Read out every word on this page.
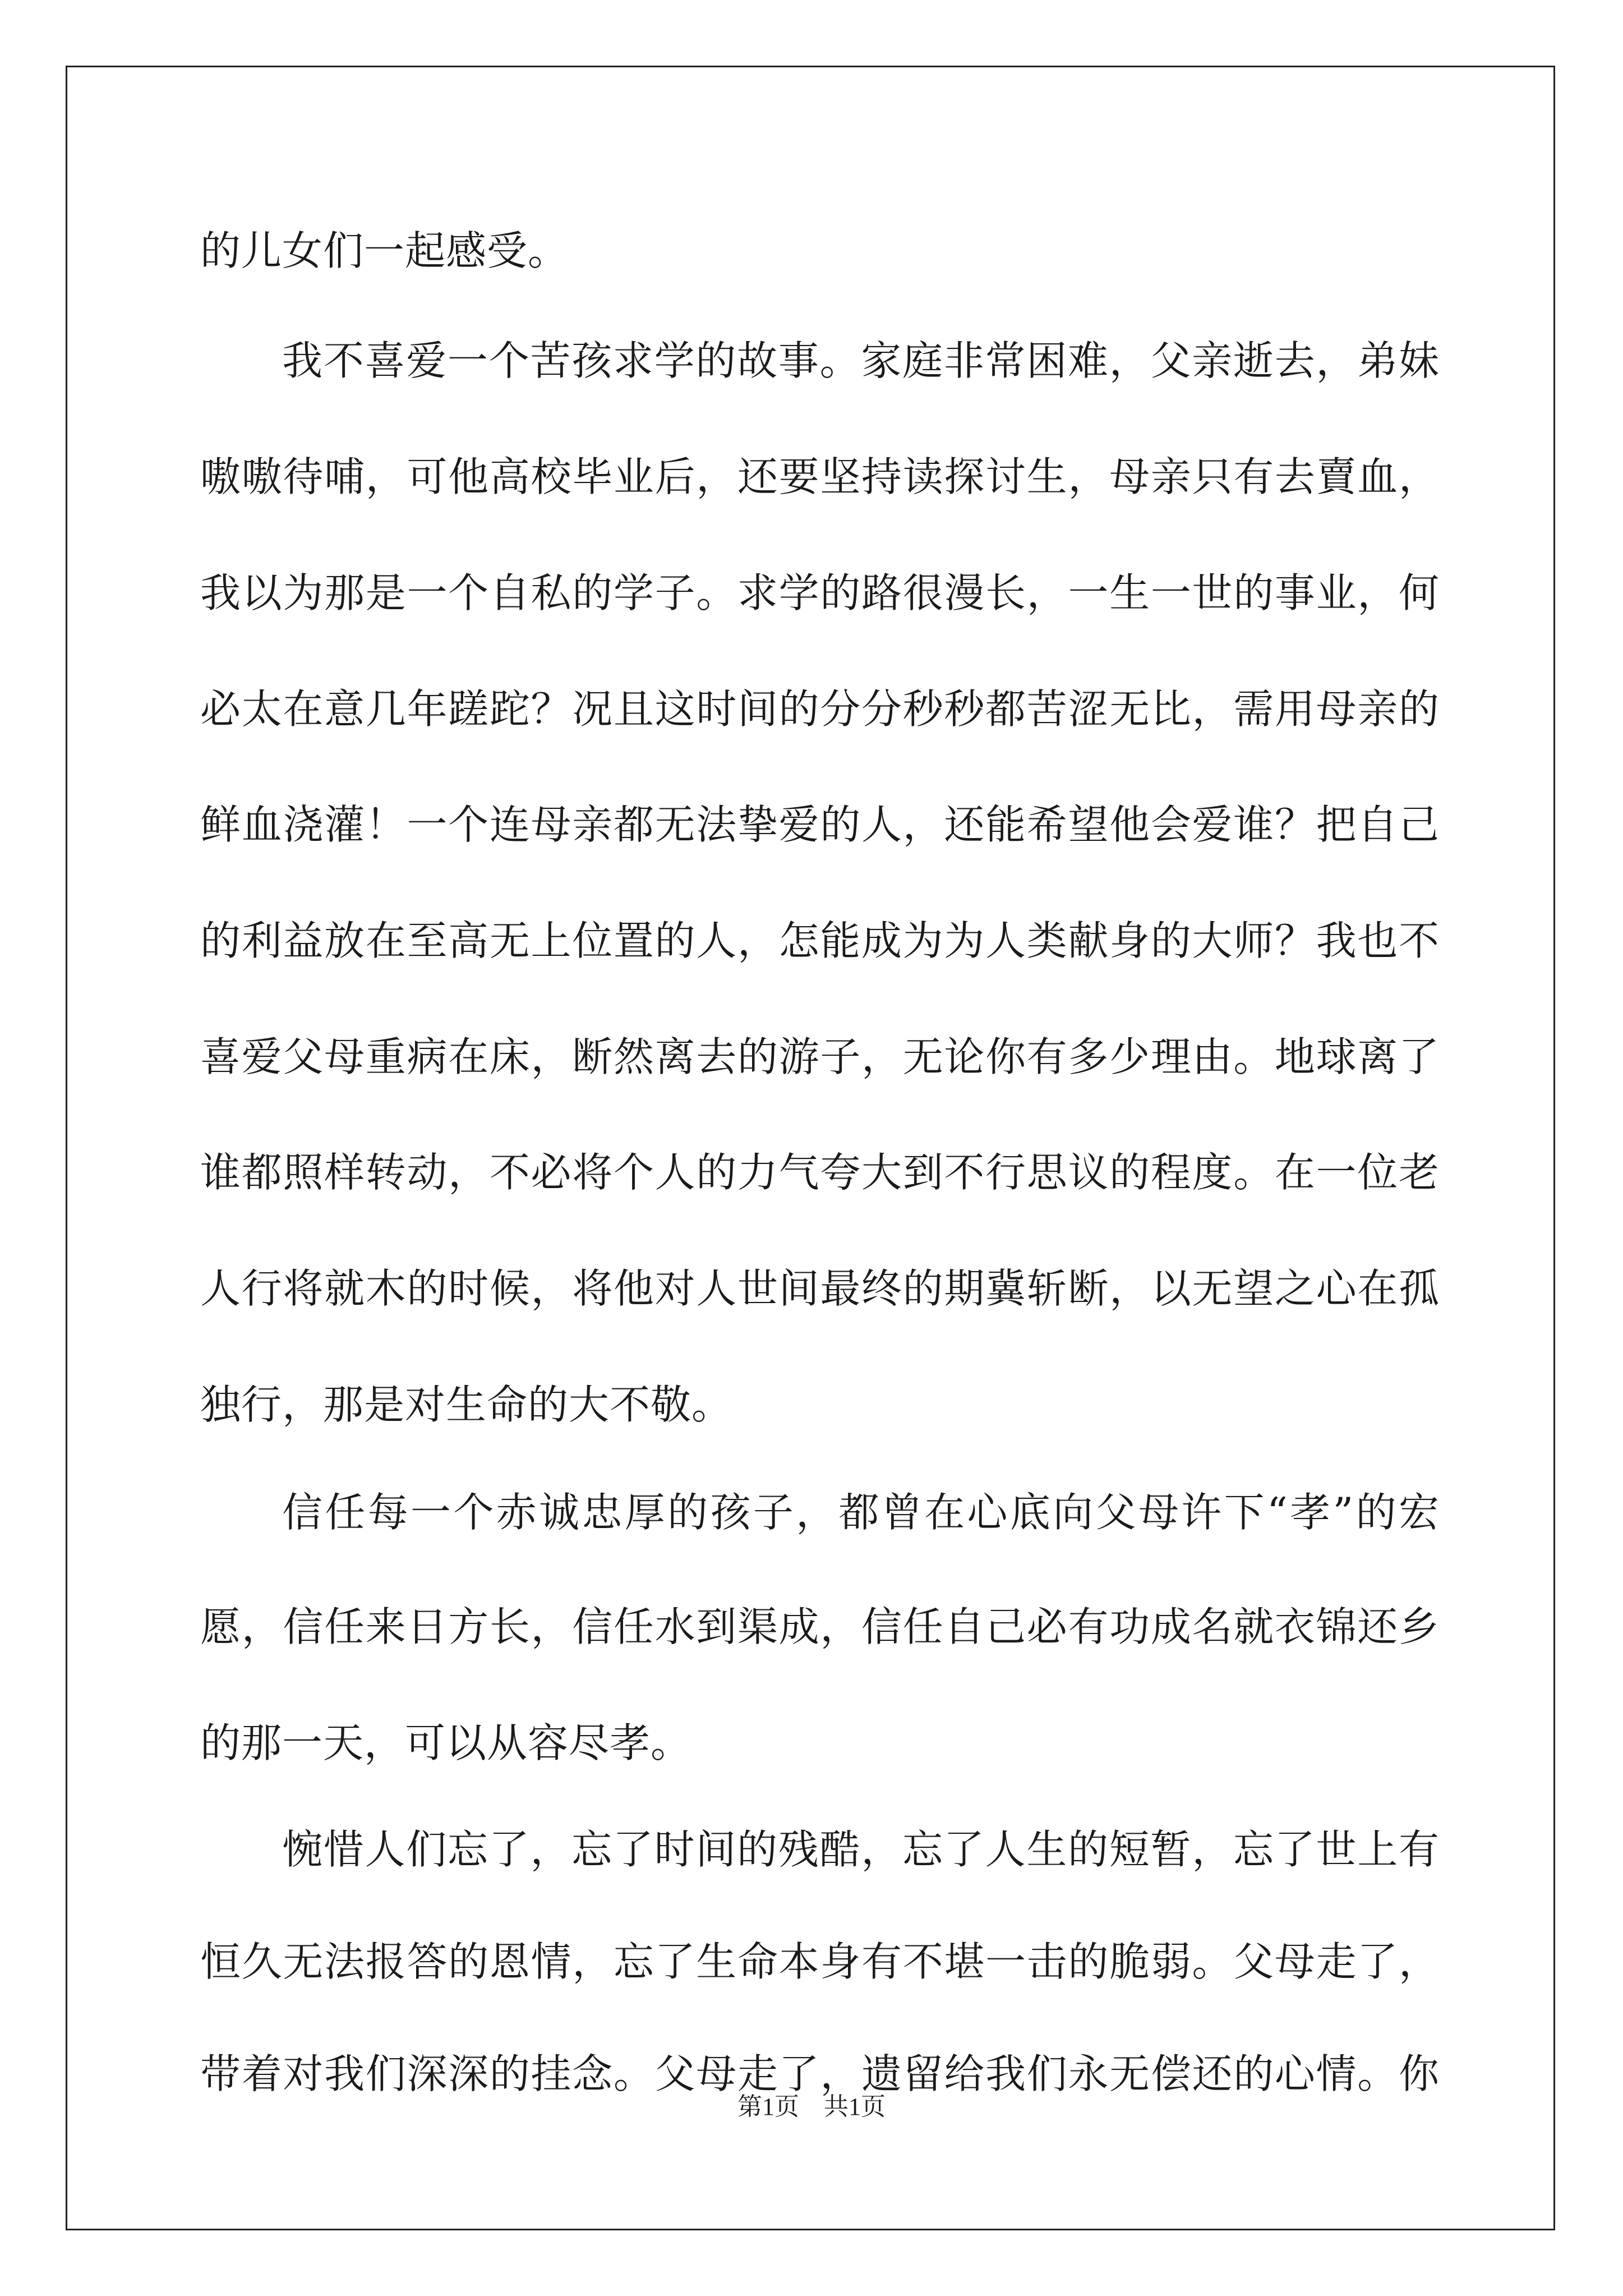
的儿女们一起感受。
我不喜爱一个苦孩求学的故事。家庭非常困难，父亲逝去，弟妹
嗷嗷待哺，可他高校毕业后，还要坚持读探讨生，母亲只有去賣血，
我以为那是一个自私的学子。求学的路很漫长，一生一世的事业，何
必太在意几年蹉跎？况且这时间的分分秒秒都苦涩无比，需用母亲的
鲜血浇灌！一个连母亲都无法挚爱的人，还能希望他会爱谁？把自己
的利益放在至高无上位置的人，怎能成为为人类献身的大师？我也不
喜爱父母重病在床，断然离去的游子，无论你有多少理由。地球离了
谁都照样转动，不必将个人的力气夸大到不行思议的程度。在一位老
人行将就木的时候，将他对人世间最终的期冀斩断，以无望之心在孤
独行，那是对生命的大不敬。
信任每一个赤诚忠厚的孩子，都曾在心底向父母许下“孝”的宏
愿，信任来日方长，信任水到渠成，信任自己必有功成名就衣锦还乡
的那一天，可以从容尽孝。
惋惜人们忘了，忘了时间的残酷，忘了人生的短暂，忘了世上有
恒久无法报答的恩情，忘了生命本身有不堪一击的脆弱。父母走了，
带着对我们深深的挂念。父母走了，遗留给我们永无偿还的心情。你
第1页　共1页
